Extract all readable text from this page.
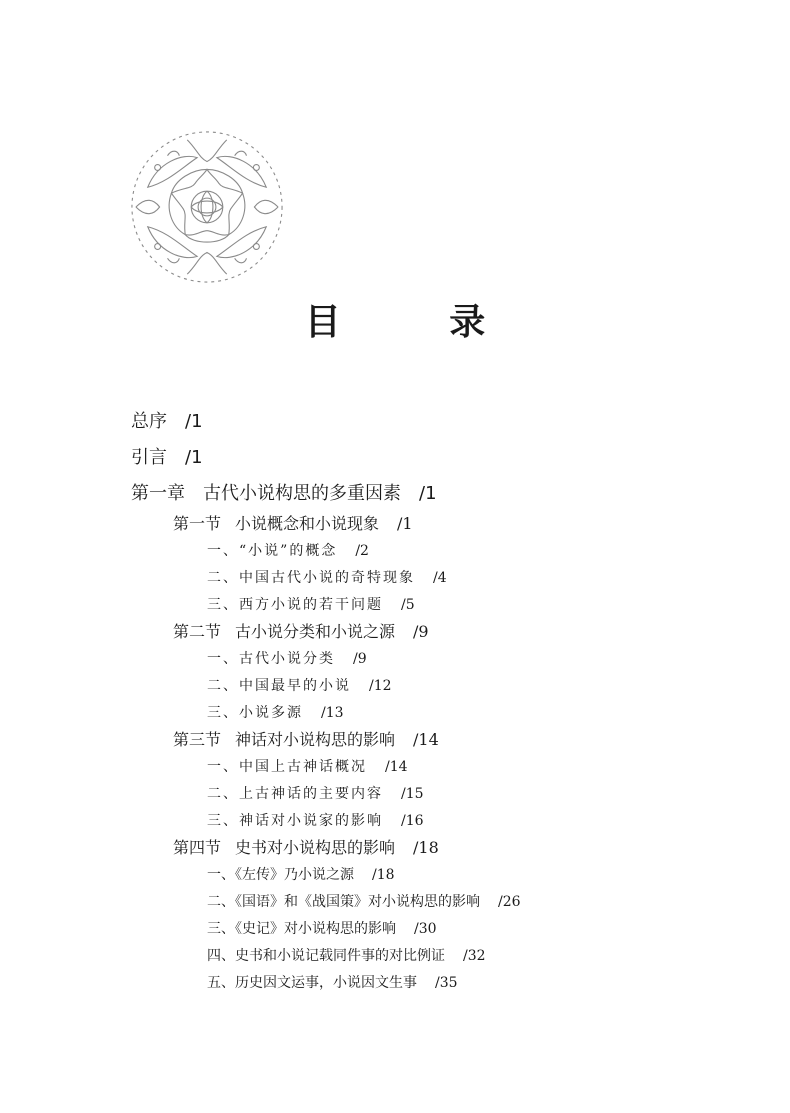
目 录
总序 /1
引言 /1
第一章 古代小说构思的多重因素 /1
第一节 小说概念和小说现象 /1
一、“小说”的概念 /2
二、中国古代小说的奇特现象 /4
三、西方小说的若干问题 /5
第二节 古小说分类和小说之源 /9
一、古代小说分类 /9
二、中国最早的小说 /12
三、小说多源 /13
第三节 神话对小说构思的影响 /14
一、中国上古神话概况 /14
二、上古神话的主要内容 /15
三、神话对小说家的影响 /16
第四节 史书对小说构思的影响 /18
一、《左传》乃小说之源 /18
二、《国语》和《战国策》对小说构思的影响 /26
三、《史记》对小说构思的影响 /30
四、史书和小说记载同件事的对比例证 /32
五、历史因文运事，小说因文生事 /35
